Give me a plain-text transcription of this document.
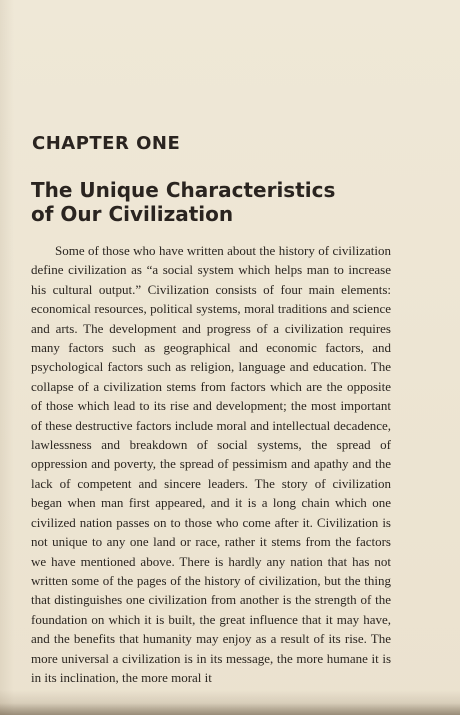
CHAPTER ONE
The Unique Characteristics
of Our Civilization

Some of those who have written about the history of civilization define civilization as “a social system which helps man to increase his cultural output.” Civilization consists of four main elements: economical resources, political systems, moral traditions and science and arts. The development and progress of a civilization requires many factors such as geographical and economic factors, and psychological factors such as religion, language and education. The collapse of a civilization stems from factors which are the opposite of those which lead to its rise and development; the most important of these destructive factors include moral and intellectual decadence, lawlessness and breakdown of social systems, the spread of oppression and poverty, the spread of pessimism and apathy and the lack of competent and sincere leaders. The story of civilization began when man first appeared, and it is a long chain which one civilized nation passes on to those who come after it. Civilization is not unique to any one land or race, rather it stems from the factors we have mentioned above. There is hardly any nation that has not written some of the pages of the history of civilization, but the thing that distinguishes one civilization from another is the strength of the foundation on which it is built, the great influence that it may have, and the benefits that humanity may enjoy as a result of its rise. The more universal a civilization is in its message, the more humane it is in its inclination, the more moral it
